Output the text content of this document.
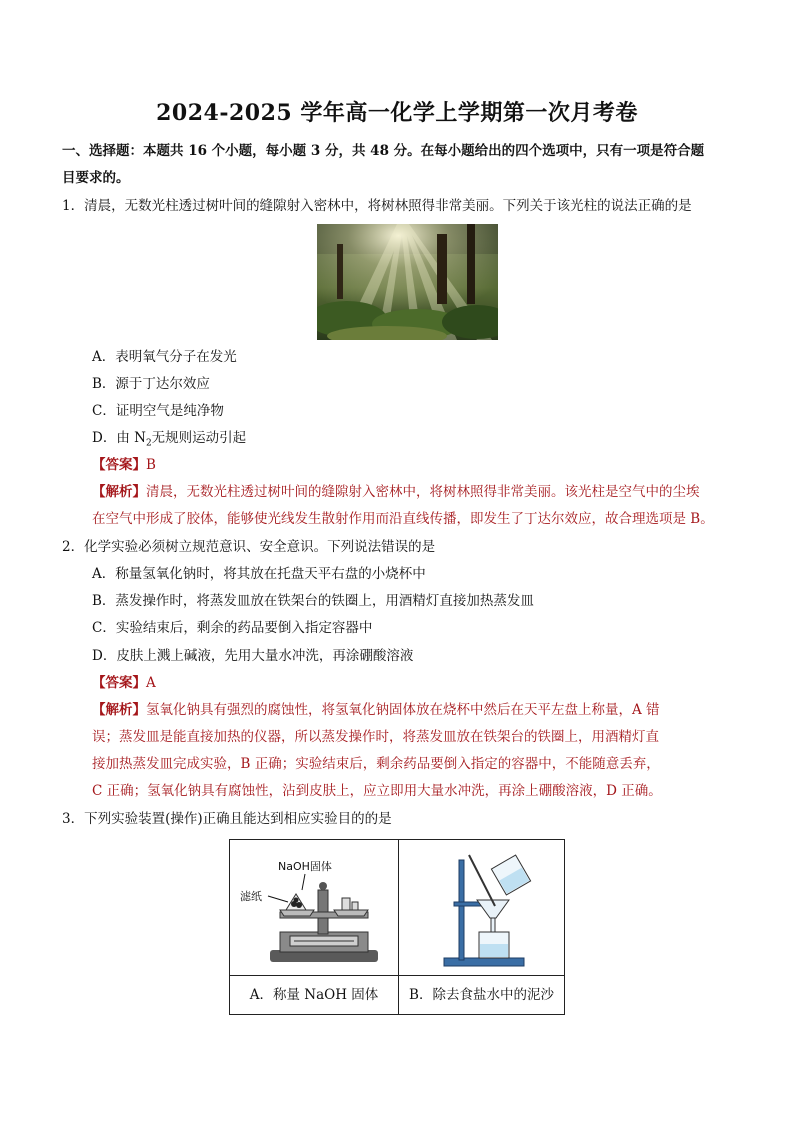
2024-2025 学年高一化学上学期第一次月考卷
一、选择题：本题共 16 个小题，每小题 3 分，共 48 分。在每小题给出的四个选项中，只有一项是符合题
目要求的。
1．清晨，无数光柱透过树叶间的缝隙射入密林中，将树林照得非常美丽。下列关于该光柱的说法正确的是
A．表明氧气分子在发光
B．源于丁达尔效应
C．证明空气是纯净物
D．由 $N_2$无规则运动引起
【答案】B
【解析】清晨，无数光柱透过树叶间的缝隙射入密林中，将树林照得非常美丽。该光柱是空气中的尘埃
在空气中形成了胶体，能够使光线发生散射作用而沿直线传播，即发生了丁达尔效应，故合理选项是 B。
2．化学实验必须树立规范意识、安全意识。下列说法错误的是
A．称量氢氧化钠时，将其放在托盘天平右盘的小烧杯中
B．蒸发操作时，将蒸发皿放在铁架台的铁圈上，用酒精灯直接加热蒸发皿
C．实验结束后，剩余的药品要倒入指定容器中
D．皮肤上溅上碱液，先用大量水冲洗，再涂硼酸溶液
【答案】A
【解析】氢氧化钠具有强烈的腐蚀性，将氢氧化钠固体放在烧杯中然后在天平左盘上称量，A 错
误；蒸发皿是能直接加热的仪器，所以蒸发操作时，将蒸发皿放在铁架台的铁圈上，用酒精灯直
接加热蒸发皿完成实验，B 正确；实验结束后，剩余药品要倒入指定的容器中，不能随意丢弃，
C 正确；氢氧化钠具有腐蚀性，沾到皮肤上，应立即用大量水冲洗，再涂上硼酸溶液，D 正确。
3．下列实验装置(操作)正确且能达到相应实验目的的是
NaOH固体
滤纸
A．称量 NaOH 固体	B．除去食盐水中的泥沙
